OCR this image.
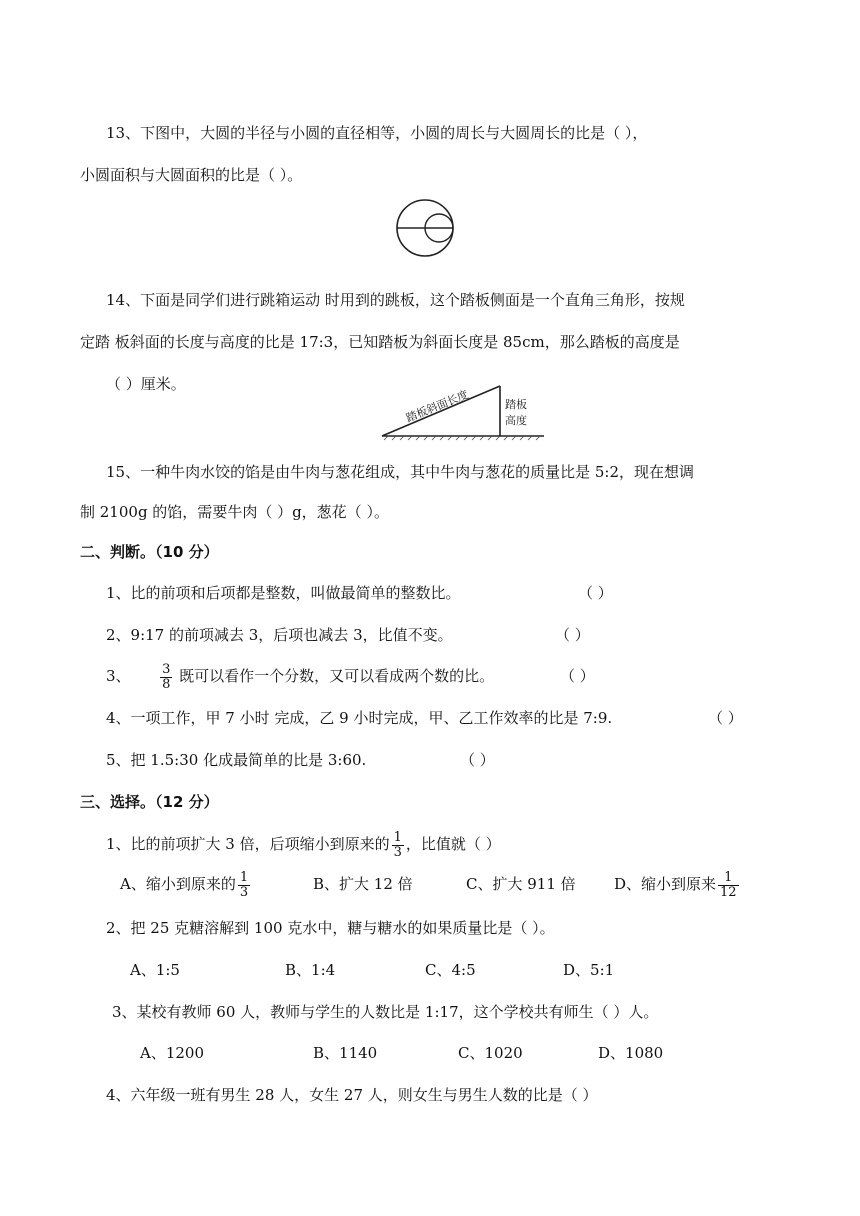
13、下图中，大圆的半径与小圆的直径相等，小圆的周长与大圆周长的比是（ ），
小圆面积与大圆面积的比是（ ）。
14、下面是同学们进行跳箱运动 时用到的跳板，这个踏板侧面是一个直角三角形，按规
定踏 板斜面的长度与高度的比是 17:3，已知踏板为斜面长度是 85cm，那么踏板的高度是
（ ）厘米。
踏板斜面长度	踏板
高度
15、一种牛肉水饺的馅是由牛肉与葱花组成，其中牛肉与葱花的质量比是 5:2，现在想调
制 2100g 的馅，需要牛肉（ ）g，葱花（ ）。
二、判断。（10 分）
1、比的前项和后项都是整数，叫做最简单的整数比。	（ ）
2、9:17 的前项减去 3，后项也减去 3，比值不变。	（ ）
3、 $\frac{3}{8}$ 既可以看作一个分数，又可以看成两个数的比。	（ ）
4、一项工作，甲 7 小时 完成，乙 9 小时完成，甲、乙工作效率的比是 7:9.	（ ）
5、把 1.5:30 化成最简单的比是 3:60.	（ ）
三、选择。（12 分）
1、比的前项扩大 3 倍，后项缩小到原来的 $\frac{1}{3}$ ，比值就（ ）
A、缩小到原来的 $\frac{1}{3}$	B、扩大 12 倍	C、扩大 911 倍	D、缩小到原来 $\frac{1}{12}$
2、把 25 克糖溶解到 100 克水中，糖与糖水的如果质量比是（ ）。
A、1:5	B、1:4	C、4:5	D、5:1
3、某校有教师 60 人，教师与学生的人数比是 1:17，这个学校共有师生（ ）人。
A、1200	B、1140	C、1020	D、1080
4、六年级一班有男生 28 人，女生 27 人，则女生与男生人数的比是（ ）
